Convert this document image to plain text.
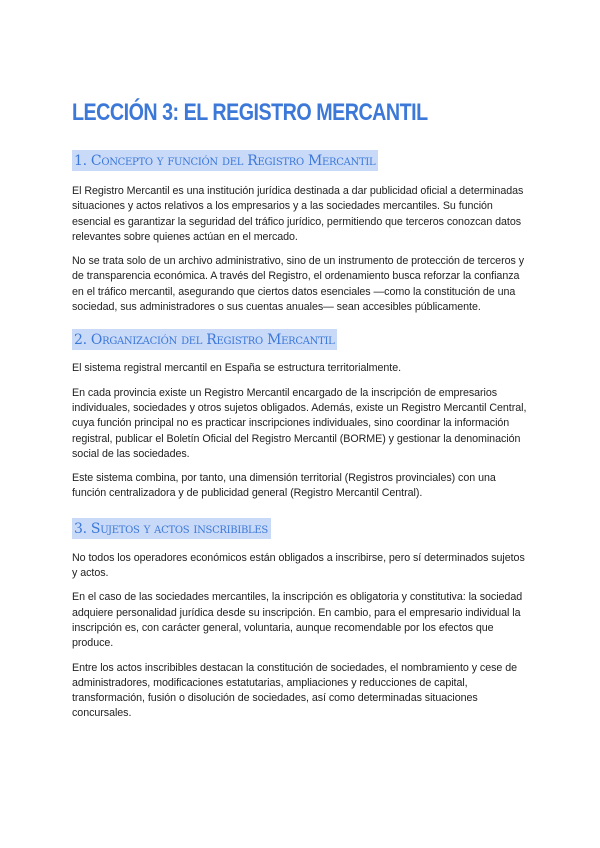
LECCIÓN 3: EL REGISTRO MERCANTIL
1. Concepto y función del Registro Mercantil

El Registro Mercantil es una institución jurídica destinada a dar publicidad oficial a determinadas situaciones y actos relativos a los empresarios y a las sociedades mercantiles. Su función esencial es garantizar la seguridad del tráfico jurídico, permitiendo que terceros conozcan datos relevantes sobre quienes actúan en el mercado.

No se trata solo de un archivo administrativo, sino de un instrumento de protección de terceros y de transparencia económica. A través del Registro, el ordenamiento busca reforzar la confianza en el tráfico mercantil, asegurando que ciertos datos esenciales —como la constitución de una sociedad, sus administradores o sus cuentas anuales— sean accesibles públicamente.

2. Organización del Registro Mercantil

El sistema registral mercantil en España se estructura territorialmente.

En cada provincia existe un Registro Mercantil encargado de la inscripción de empresarios individuales, sociedades y otros sujetos obligados. Además, existe un Registro Mercantil Central, cuya función principal no es practicar inscripciones individuales, sino coordinar la información registral, publicar el Boletín Oficial del Registro Mercantil (BORME) y gestionar la denominación social de las sociedades.

Este sistema combina, por tanto, una dimensión territorial (Registros provinciales) con una función centralizadora y de publicidad general (Registro Mercantil Central).

3. Sujetos y actos inscribibles

No todos los operadores económicos están obligados a inscribirse, pero sí determinados sujetos y actos.

En el caso de las sociedades mercantiles, la inscripción es obligatoria y constitutiva: la sociedad adquiere personalidad jurídica desde su inscripción. En cambio, para el empresario individual la inscripción es, con carácter general, voluntaria, aunque recomendable por los efectos que produce.

Entre los actos inscribibles destacan la constitución de sociedades, el nombramiento y cese de administradores, modificaciones estatutarias, ampliaciones y reducciones de capital, transformación, fusión o disolución de sociedades, así como determinadas situaciones concursales.
